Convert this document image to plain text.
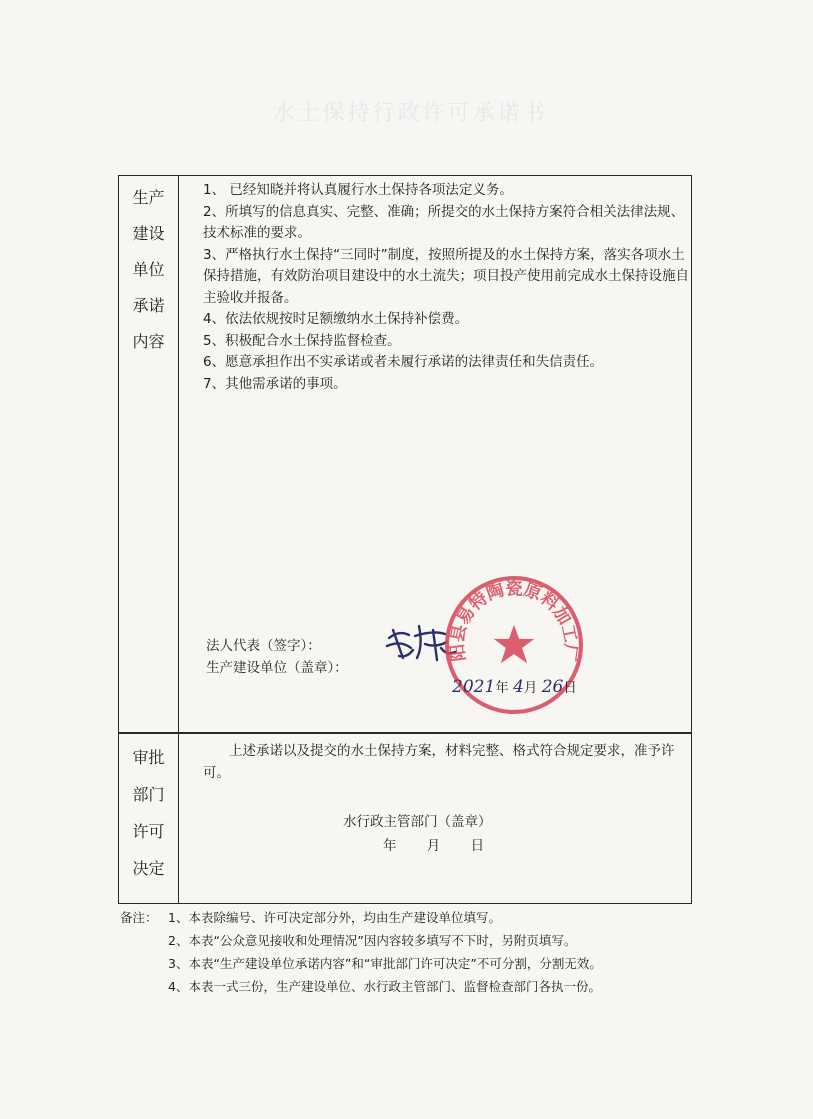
水土保持行政许可承诺书
生产
建设
单位
承诺
内容
1、 已经知晓并将认真履行水土保持各项法定义务。
2、所填写的信息真实、完整、准确；所提交的水土保持方案符合相关法律法规、技术标准的要求。
3、严格执行水土保持“三同时”制度，按照所提及的水土保持方案，落实各项水土保持措施，有效防治项目建设中的水土流失；项目投产使用前完成水土保持设施自主验收并报备。
4、依法依规按时足额缴纳水土保持补偿费。
5、积极配合水土保持监督检查。
6、愿意承担作出不实承诺或者未履行承诺的法律责任和失信责任。
7、其他需承诺的事项。
法人代表（签字）：
生产建设单位（盖章）：
阳县易特陶瓷原料加工厂
2021年 4月 26日
审批
部门
许可
决定
上述承诺以及提交的水土保持方案，材料完整、格式符合规定要求，准予许可。
水行政主管部门（盖章）
年 月 日
备注： 1、本表除编号、许可决定部分外，均由生产建设单位填写。
2、本表“公众意见接收和处理情况”因内容较多填写不下时，另附页填写。
3、本表“生产建设单位承诺内容”和“审批部门许可决定”不可分割，分割无效。
4、本表一式三份，生产建设单位、水行政主管部门、监督检查部门各执一份。
